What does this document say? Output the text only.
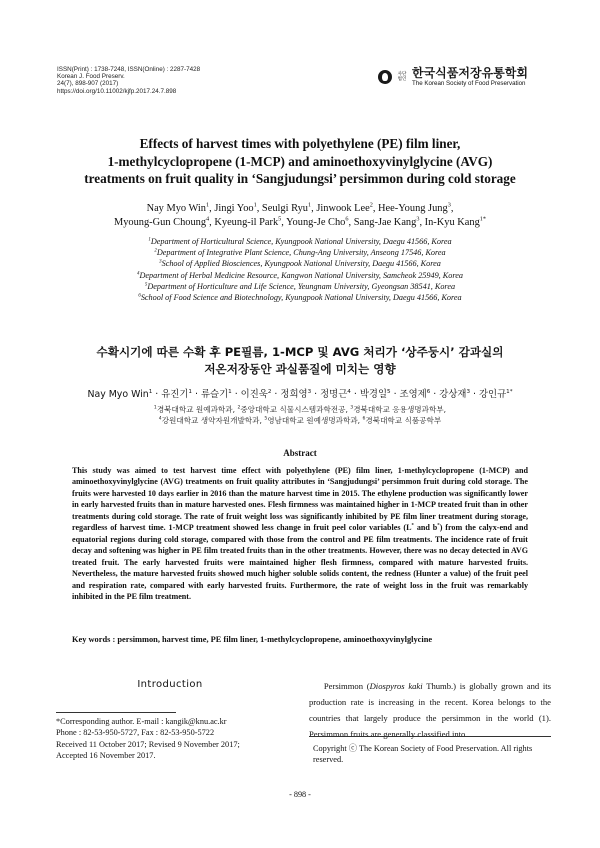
ISSN(Print) : 1738-7248, ISSN(Online) : 2287-7428
Korean J. Food Preserv.
24(7), 898-907 (2017)
https://doi.org/10.11002/kjfp.2017.24.7.898
사단 법인 한국식품저장유통학회
The Korean Society of Food Preservation
Effects of harvest times with polyethylene (PE) film liner,
1-methylcyclopropene (1-MCP) and aminoethoxyvinylglycine (AVG)
treatments on fruit quality in ‘Sangjudungsi’ persimmon during cold storage
Nay Myo Win$^1$, Jingi Yoo$^1$, Seulgi Ryu$^1$, Jinwook Lee$^2$, Hee-Young Jung$^3$,
Myoung-Gun Choung$^4$, Kyeung-il Park$^5$, Young-Je Cho$^6$, Sang-Jae Kang$^3$, In-Kyu Kang$^{1*}$
$^1$Department of Horticultural Science, Kyungpook National University, Daegu 41566, Korea
$^2$Department of Integrative Plant Science, Chung-Ang University, Anseong 17546, Korea
$^3$School of Applied Biosciences, Kyungpook National University, Daegu 41566, Korea
$^4$Department of Herbal Medicine Resource, Kangwon National University, Samcheok 25949, Korea
$^5$Department of Horticulture and Life Science, Yeungnam University, Gyeongsan 38541, Korea
$^6$School of Food Science and Biotechnology, Kyungpook National University, Daegu 41566, Korea
수확시기에 따른 수확 후 PE필름, 1-MCP 및 AVG 처리가 ‘상주둥시’ 감과실의
저온저장동안 과실품질에 미치는 영향
Nay Myo Win$^1$ · 유진기$^1$ · 류슬기$^1$ · 이진욱$^2$ · 정희영$^3$ · 정명근$^4$ · 박경일$^5$ · 조영제$^6$ · 강상재$^3$ · 강인규$^{1*}$
$^1$경북대학교 원예과학과, $^2$중앙대학교 식물시스템과학전공, $^3$경북대학교 응용생명과학부,
$^4$강원대학교 생약자원개발학과, $^5$영남대학교 원예생명과학과, $^6$경북대학교 식품공학부
Abstract
This study was aimed to test harvest time effect with polyethylene (PE) film liner, 1-methylcyclopropene (1-MCP) and aminoethoxyvinylglycine (AVG) treatments on fruit quality attributes in ‘Sangjudungsi’ persimmon fruit during cold storage. The fruits were harvested 10 days earlier in 2016 than the mature harvest time in 2015. The ethylene production was significantly lower in early harvested fruits than in mature harvested ones. Flesh firmness was maintained higher in 1-MCP treated fruit than in other treatments during cold storage. The rate of fruit weight loss was significantly inhibited by PE film liner treatment during storage, regardless of harvest time. 1-MCP treatment showed less change in fruit peel color variables (L* and b*) from the calyx-end and equatorial regions during cold storage, compared with those from the control and PE film treatments. The incidence rate of fruit decay and softening was higher in PE film treated fruits than in the other treatments. However, there was no decay detected in AVG treated fruit. The early harvested fruits were maintained higher flesh firmness, compared with mature harvested fruits. Nevertheless, the mature harvested fruits showed much higher soluble solids content, the redness (Hunter a value) of the fruit peel and respiration rate, compared with early harvested fruits. Furthermore, the rate of weight loss in the fruit was remarkably inhibited in the PE film treatment.
Key words : persimmon, harvest time, PE film liner, 1-methylcyclopropene, aminoethoxyvinylglycine
Introduction
*Corresponding author. E-mail : kangik@knu.ac.kr
Phone : 82-53-950-5727, Fax : 82-53-950-5722
Received 11 October 2017; Revised 9 November 2017;
Accepted 16 November 2017.
Persimmon (Diospyros kaki Thumb.) is globally grown and its production rate is increasing in the recent. Korea belongs to the countries that largely produce the persimmon in the world (1). Persimmon fruits are generally classified into
Copyright ⓒ The Korean Society of Food Preservation. All rights reserved.
- 898 -
